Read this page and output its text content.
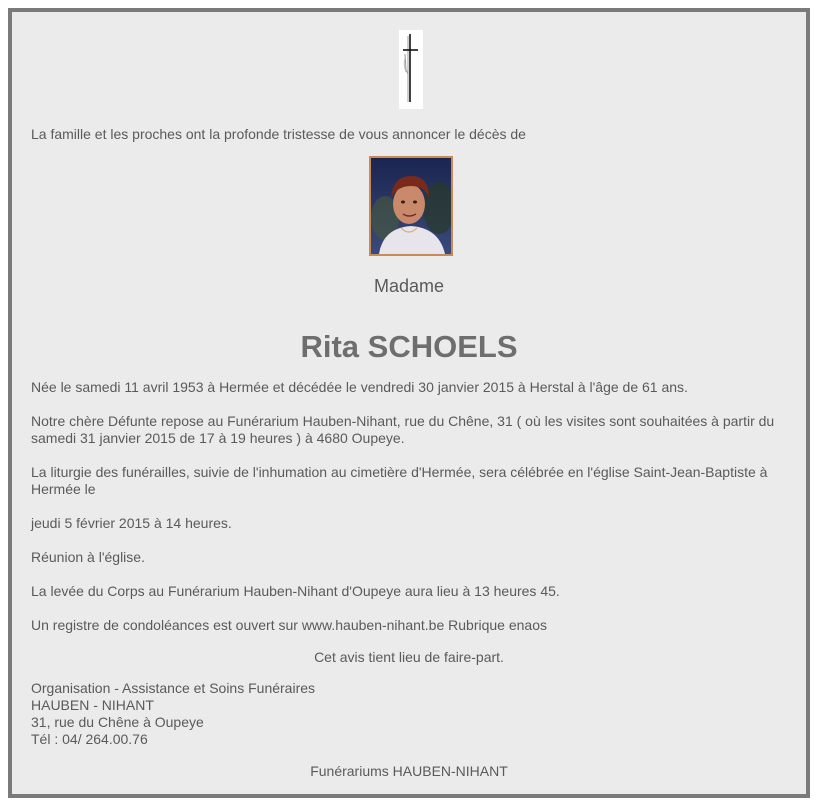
La famille et les proches ont la profonde tristesse de vous annoncer le décès de

Madame
Rita SCHOELS

Née le samedi 11 avril 1953 à Hermée et décédée le vendredi 30 janvier 2015 à Herstal à l'âge de 61 ans.

Notre chère Défunte repose au Funérarium Hauben-Nihant, rue du Chêne, 31 ( où les visites sont souhaitées à partir du samedi 31 janvier 2015 de 17 à 19 heures ) à 4680 Oupeye.

La liturgie des funérailles, suivie de l'inhumation au cimetière d'Hermée, sera célébrée en l'église Saint-Jean-Baptiste à Hermée le

jeudi 5 février 2015 à 14 heures.

Réunion à l'église.

La levée du Corps au Funérarium Hauben-Nihant d'Oupeye aura lieu à 13 heures 45.

Un registre de condoléances est ouvert sur www.hauben-nihant.be Rubrique enaos

Cet avis tient lieu de faire-part.

Organisation - Assistance et Soins Funéraires
HAUBEN - NIHANT
31, rue du Chêne à Oupeye
Tél : 04/ 264.00.76

Funérariums HAUBEN-NIHANT
